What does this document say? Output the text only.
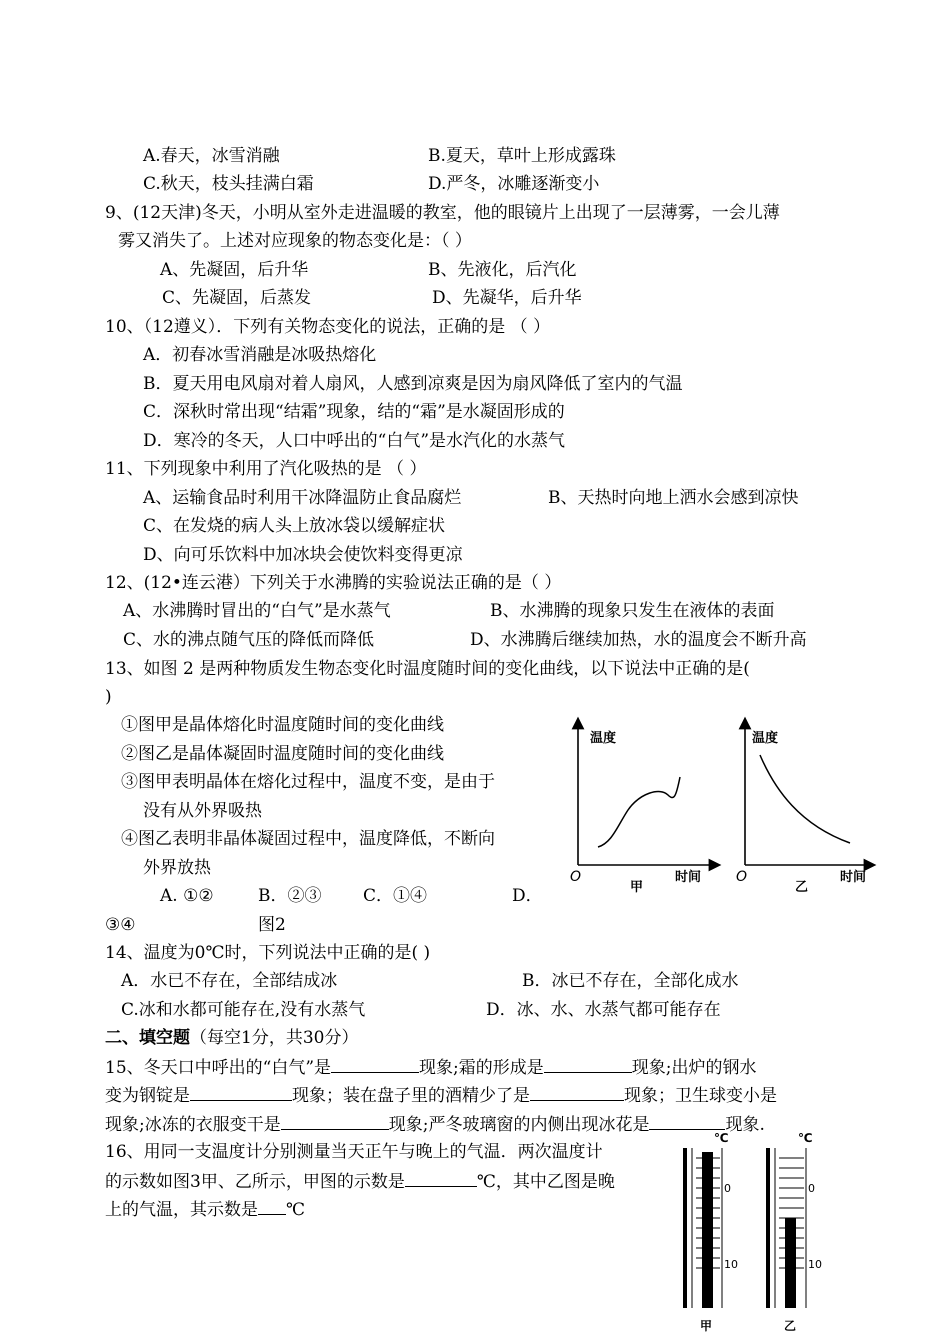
A.春天，冰雪消融	B.夏天，草叶上形成露珠
C.秋天，枝头挂满白霜	D.严冬，冰雕逐渐变小
9、(12天津)冬天，小明从室外走进温暖的教室，他的眼镜片上出现了一层薄雾，一会儿薄
雾又消失了。上述对应现象的物态变化是：（ ）
A、先凝固，后升华	B、先液化，后汽化
C、先凝固，后蒸发	D、先凝华，后升华
10、（12遵义）．下列有关物态变化的说法，正确的是 （ ）
A．初春冰雪消融是冰吸热熔化
B．夏天用电风扇对着人扇风，人感到凉爽是因为扇风降低了室内的气温
C．深秋时常出现“结霜”现象，结的“霜”是水凝固形成的
D．寒冷的冬天，人口中呼出的“白气”是水汽化的水蒸气
11、下列现象中利用了汽化吸热的是 （ ）
A、运输食品时利用干冰降温防止食品腐烂	B、天热时向地上洒水会感到凉快
C、在发烧的病人头上放冰袋以缓解症状
D、向可乐饮料中加冰块会使饮料变得更凉
12、(12•连云港）下列关于水沸腾的实验说法正确的是（ ）
A、水沸腾时冒出的“白气”是水蒸气	B、水沸腾的现象只发生在液体的表面
C、水的沸点随气压的降低而降低	D、水沸腾后继续加热，水的温度会不断升高
13、如图 2 是两种物质发生物态变化时温度随时间的变化曲线，以下说法中正确的是(
)
①图甲是晶体熔化时温度随时间的变化曲线
②图乙是晶体凝固时温度随时间的变化曲线
③图甲表明晶体在熔化过程中，温度不变，是由于
没有从外界吸热
④图乙表明非晶体凝固过程中，温度降低，不断向
外界放热
A. ①②	B．②③ C．①④	D．
③④	图2
温度
O	时间
甲
温度
O	时间
乙
14、温度为0℃时，下列说法中正确的是( )
A．水已不存在，全部结成冰	B．冰已不存在，全部化成水
C.冰和水都可能存在,没有水蒸气	D．冰、水、水蒸气都可能存在
二、填空题（每空1分，共30分）
15、冬天口中呼出的“白气”是	现象;霜的形成是	现象;出炉的钢水
变为钢锭是	现象；装在盘子里的酒精少了是	现象；卫生球变小是
现象;冰冻的衣服变干是	现象;严冬玻璃窗的内侧出现冰花是	现象.
16、用同一支温度计分别测量当天正午与晚上的气温．两次温度计
的示数如图3甲、乙所示，甲图的示数是	℃，其中乙图是晚
上的气温，其示数是 ℃
℃
0
10
甲
℃
0
10
乙
